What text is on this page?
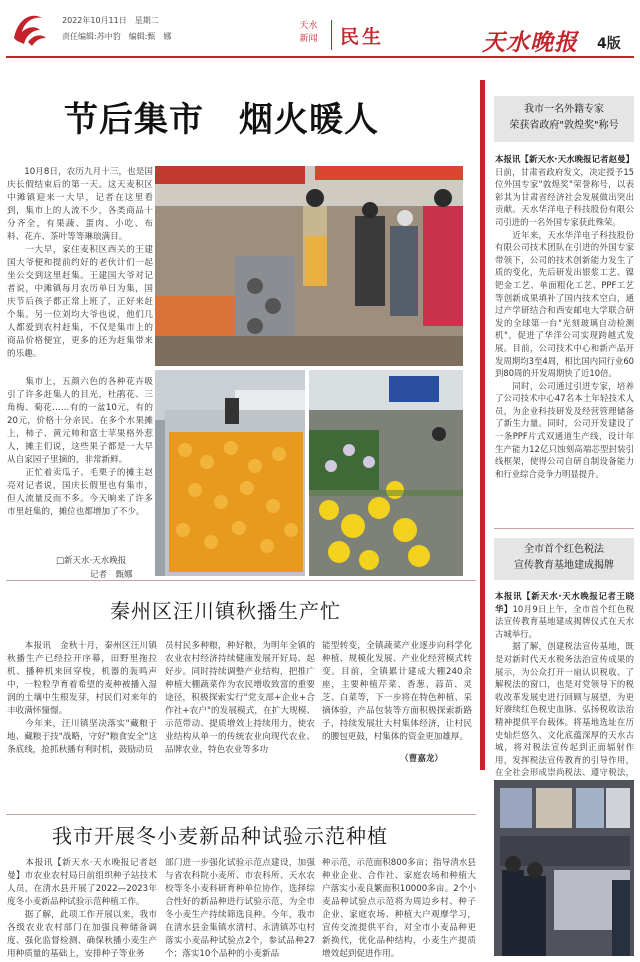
2022年10月11日　星期二
责任编辑:苏中豹　编辑:甄　娜
天水
新闻	民生	天水晚报 4版
节后集市　烟火暖人
　　10月8日，农历九月十三，也是国庆长假结束后的第一天。这天麦积区中滩镇迎来一大早，记者在这里看到，集市上的人流不少，各类商品十分齐全，有果蔬、蛋肉、小吃、布料、花卉、茶叶等等琳琅满目。
　　一大早，家住麦积区西关的王建国大爷便和提前约好的老伙计们一起坐公交到这里赶集。王建国大爷对记者说，中滩镇每月农历单日为集，国庆节后孩子都正常上班了，正好来赶个集。另一位刘均大爷也说，他们几人都爱到农村赶集，不仅是集市上的商品价格便宜，更多的还为赶集带来的乐趣。
　　集市上，五颜六色的各种花卉吸引了许多赶集人的目光，杜鹃花、三角梅、菊花……有的一盆10元，有的20元，价格十分亲民。在多个水果摊上，柿子、黄元帅和富士苹果格外惹人，摊主们说，这些果子都是一大早从自家园子里摘的，非常新鲜。
　　正忙着卖瓜子、毛栗子的摊主赵亮对记者说，国庆长假里也有集市，但人流量反而不多。今天晌来了许多市里赶集的，摊位也都增加了不少。
□新天水·天水晚报
记者　甄娜
秦州区汪川镇秋播生产忙
　　本报讯　金秋十月，秦州区汪川镇秋播生产已经拉开序幕，田野里拖拉机、播种机来回穿梭，机器的轰鸣声中，一粒粒孕育着希望的麦种被播入湿润的土壤中生根发芽，村民们对来年的丰收满怀憧憬。
　　今年来，汪川镇坚决落实"藏粮于地、藏粮于技"战略，守好"粮食安全"这条底线，抢抓秋播有利时机，鼓励动员
员村民多种粮，种好粮，为明年全镇的农业农村经济持续健康发展开好局、起好步。同时持续调整产业结构，把推广种植大棚蔬菜作为农民增收致富的重要途径，积极探索实行"党支部+企业+合作社+农户"的发展模式，在扩大规模、示范带动、提质增效上持续用力，使农业结构从单一的传统农业向现代农业、品牌农业，特色农业等多功
能型转变，全镇蔬菜产业逐步向科学化种植、规模化发展、产业化经营模式转变。目前，全镇累计建成大棚240余座，主要种植芹菜、香葱、蒜苗、灵芝、白菜等，下一步将在特色种植、采摘体验，产品包装等方面积极探索新路子，持续发展壮大村集体经济，让村民的腰包更鼓，村集体的资金更加雄厚。
（曹嘉龙）
我市开展冬小麦新品种试验示范种植
　　本报讯【新天水·天水晚报记者赵曼】市农业农村局日前组织种子站技术人员，在清水县开展了2022—2023年度冬小麦新品种试验示范种植工作。
　　据了解，此项工作开展以来，我市各级农业农村部门在加强良种储备调度、强化监督检测、确保秋播小麦生产用种质量的基础上，安排种子等业务
部门进一步强化试验示范点建设，加强与省农科院小麦所、市农科所、天水农校等冬小麦科研育种单位协作，选择综合性好的新品种进行试验示范，为全市冬小麦生产持续筛选良种。今年，我市在清水县金集镇水清村、永清镇苏屯村落实小麦品种试验点2个，参试品种27个；落实10个品种的小麦新品
种示范，示范面积800多亩；指导清水县种业企业、合作社、家庭农场和种植大户落实小麦良繁面积10000多亩。2个小麦品种试验点示范将为周边乡村、种子企业、家庭农场、种植大户观摩学习，宣传交流提供平台，对全市小麦品种更新换代，优化品种结构，小麦生产提质增效起到促进作用。
我市一名外籍专家
荣获省政府"敦煌奖"称号
本报讯【新天水·天水晚报记者赵曼】日前，甘肃省政府发文，决定授予15位外国专家"敦煌奖"荣誉称号，以表彰其为甘肃省经济社会发展做出突出贡献。天水华洋电子科技股份有限公司引进的一名外国专家获此殊荣。
　　近年来，天水华洋电子科技股份有限公司技术团队在引进的外国专家带领下，公司的技术创新能力发生了质的变化，先后研发出银浆工艺、镍钯金工艺、单面粗化工艺、PPF工艺等创新成果填补了国内技术空白，通过产学研结合和西安邮电大学联合研发的全球第一台"光刻玻璃自动检测机"，促进了华洋公司实现跨越式发展。目前，公司技术中心和新产品开发周期均3至4周，相比国内同行业60到80周的开发周期快了近10倍。
　　同时，公司通过引进专家，培养了公司技术中心47名本土年轻技术人员，为企业科技研发及经营管理储备了新生力量。同时，公司开发建设了一条PPF片式双通道生产线，设计年生产能力12亿只蚀刻高端芯型封装引线框架，使得公司自研自制设备能力和行业综合竞争力明显提升。
全市首个红色税法
宣传教育基地建成揭牌
本报讯【新天水·天水晚报记者王晓华】10月9日上午，全市首个红色税法宣传教育基地建成揭牌仪式在天水古城举行。
　　据了解，创建税法宣传基地，既是对新时代天水税务法治宣传成果的展示，为公众打开一扇认识税收、了解税法的窗口，也是对党领导下的税收改革发展史进行回顾与展望，为更好赓续红色税史血脉、弘扬税收法治精神提供平台载体。将基地选址在历史灿烂悠久、文化底蕴深厚的天水古城，将对税法宣传起到正面辐射作用，发挥税法宣传教育的引导作用，在全社会形成崇尚税法、遵守税法，
